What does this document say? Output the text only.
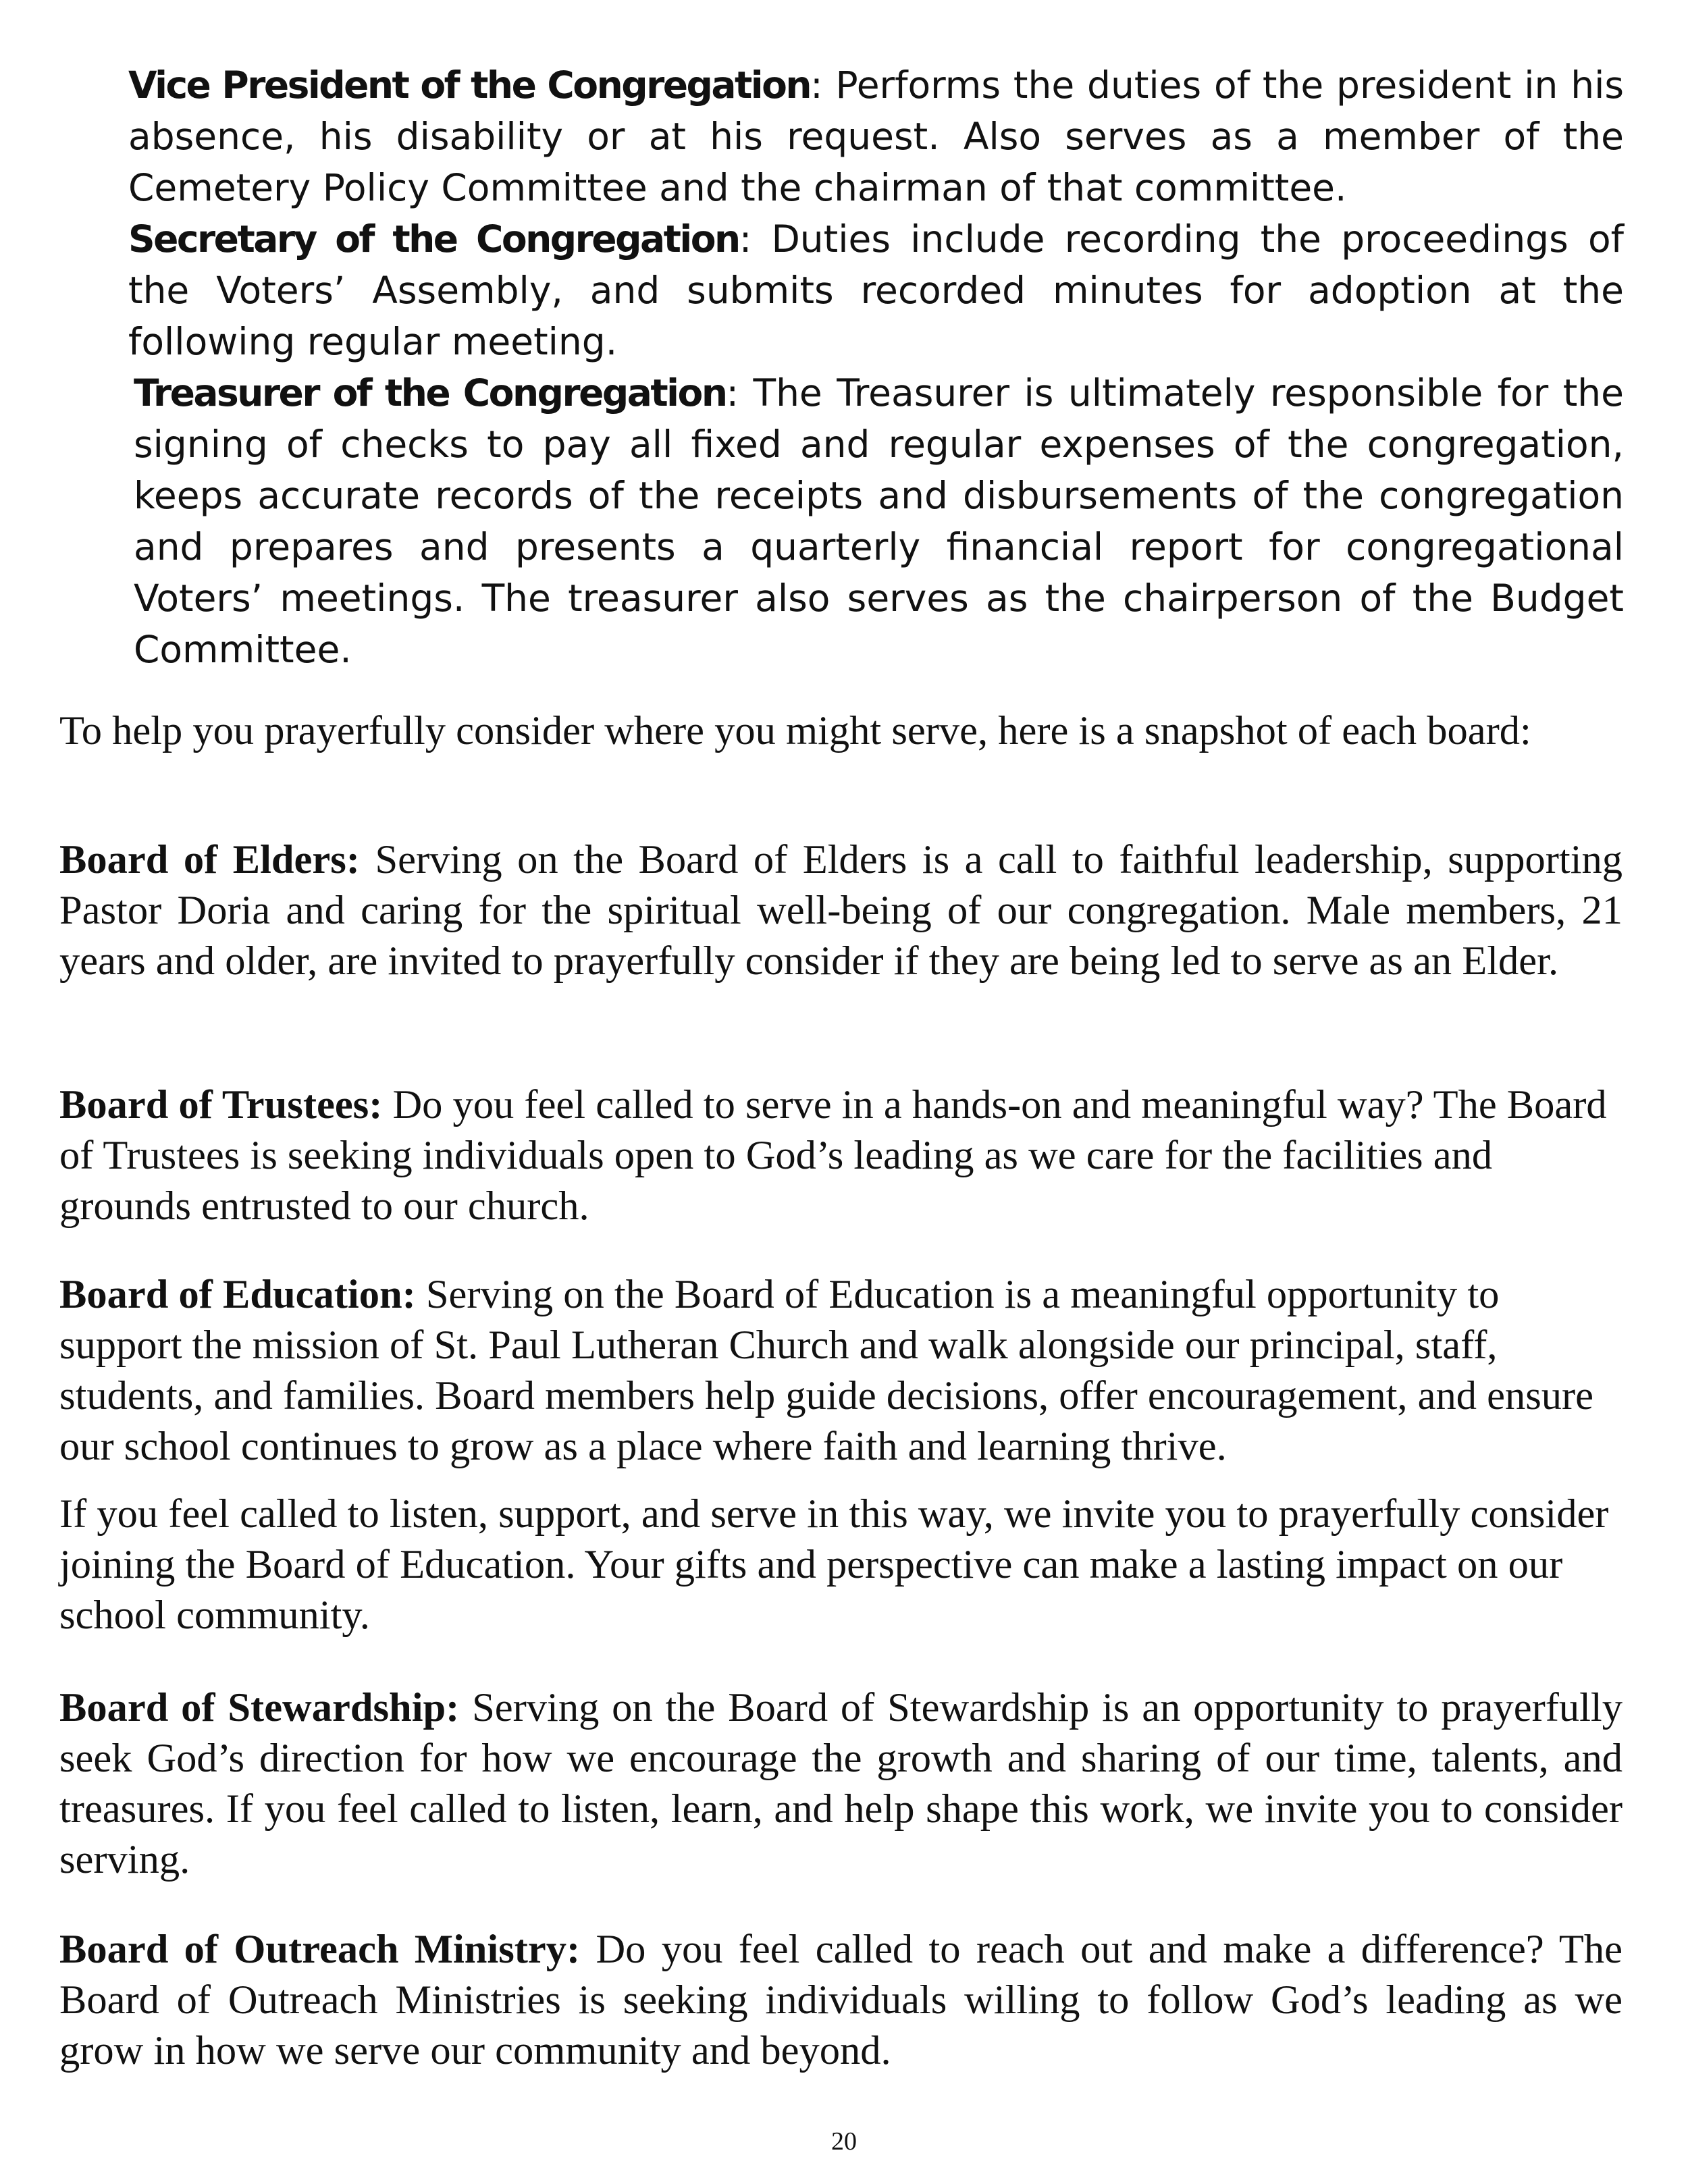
Vice President of the Congregation: Performs the duties of the president in his absence, his disability or at his request. Also serves as a member of the Cemetery Policy Committee and the chairman of that committee.

Secretary of the Congregation: Duties include recording the proceedings of the Voters’ Assembly, and submits recorded minutes for adoption at the following regular meeting.

Treasurer of the Congregation: The Treasurer is ultimately responsible for the signing of checks to pay all fixed and regular expenses of the congregation, keeps accurate records of the receipts and disbursements of the congregation and prepares and presents a quarterly financial report for congregational Voters’ meetings. The treasurer also serves as the chairperson of the Budget Committee.

To help you prayerfully consider where you might serve, here is a snapshot of each board:

Board of Elders: Serving on the Board of Elders is a call to faithful leadership, supporting Pastor Doria and caring for the spiritual well-being of our congregation. Male members, 21 years and older, are invited to prayerfully consider if they are being led to serve as an Elder.

Board of Trustees: Do you feel called to serve in a hands-on and meaningful way? The Board of Trustees is seeking individuals open to God’s leading as we care for the facilities and grounds entrusted to our church.

Board of Education: Serving on the Board of Education is a meaningful opportunity to support the mission of St. Paul Lutheran Church and walk alongside our principal, staff, students, and families. Board members help guide decisions, offer encouragement, and ensure our school continues to grow as a place where faith and learning thrive.

If you feel called to listen, support, and serve in this way, we invite you to prayerfully consider joining the Board of Education. Your gifts and perspective can make a lasting impact on our school community.

Board of Stewardship: Serving on the Board of Stewardship is an opportunity to prayerfully seek God’s direction for how we encourage the growth and sharing of our time, talents, and treasures. If you feel called to listen, learn, and help shape this work, we invite you to consider serving.

Board of Outreach Ministry: Do you feel called to reach out and make a difference? The Board of Outreach Ministries is seeking individuals willing to follow God’s leading as we grow in how we serve our community and beyond.

20
